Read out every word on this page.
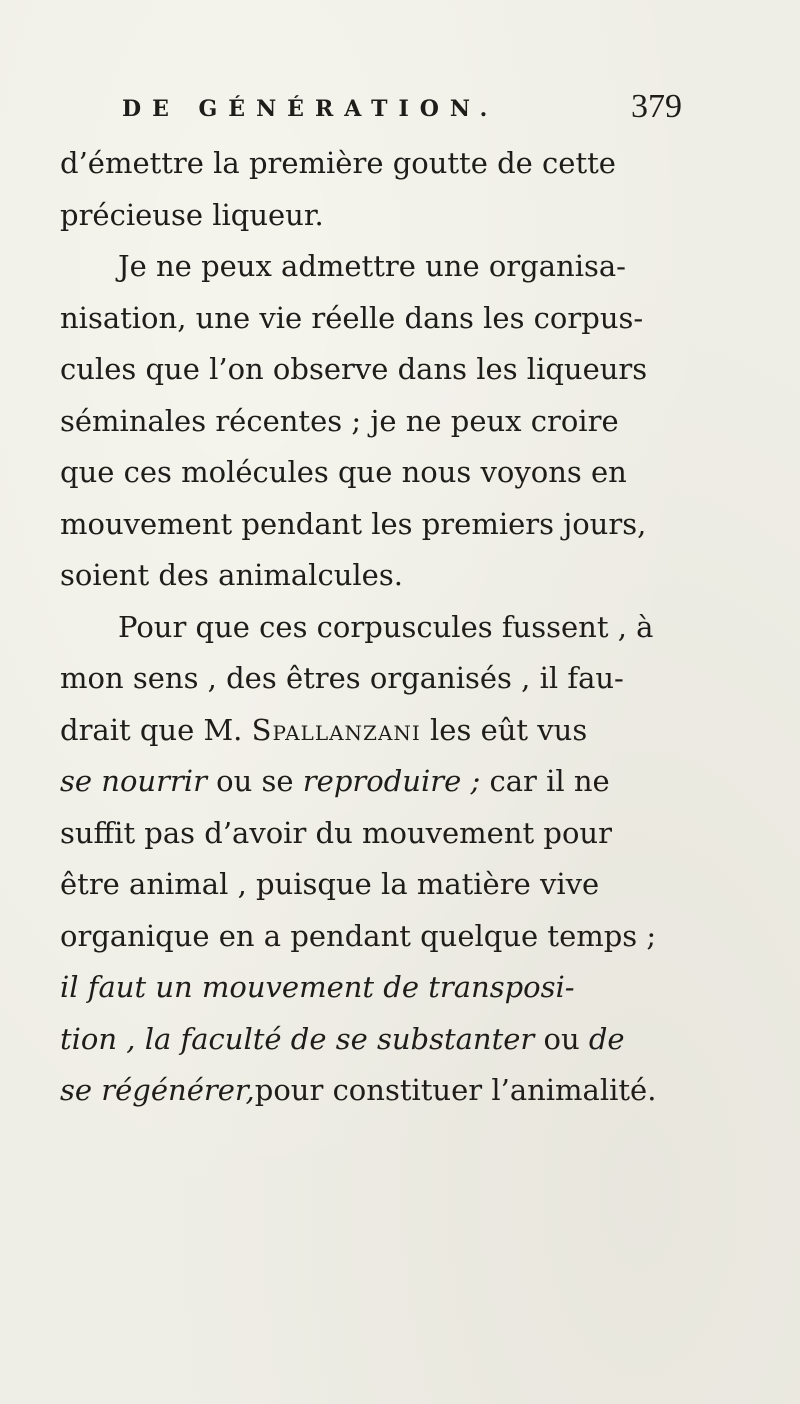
DE GÉNÉRATION.	379
d’émettre la première goutte de cette
précieuse liqueur.
Je ne peux admettre une organisa-
nisation, une vie réelle dans les corpus-
cules que l’on observe dans les liqueurs
séminales récentes ; je ne peux croire
que ces molécules que nous voyons en
mouvement pendant les premiers jours,
soient des animalcules.
Pour que ces corpuscules fussent , à
mon sens , des êtres organisés , il fau-
drait que M. Spallanzani les eût vus
se nourrir ou se reproduire ; car il ne
suffit pas d’avoir du mouvement pour
être animal , puisque la matière vive
organique en a pendant quelque temps ;
il faut un mouvement de transposi-
tion , la faculté de se substanter ou de
se régénérer,pour constituer l’animalité.
